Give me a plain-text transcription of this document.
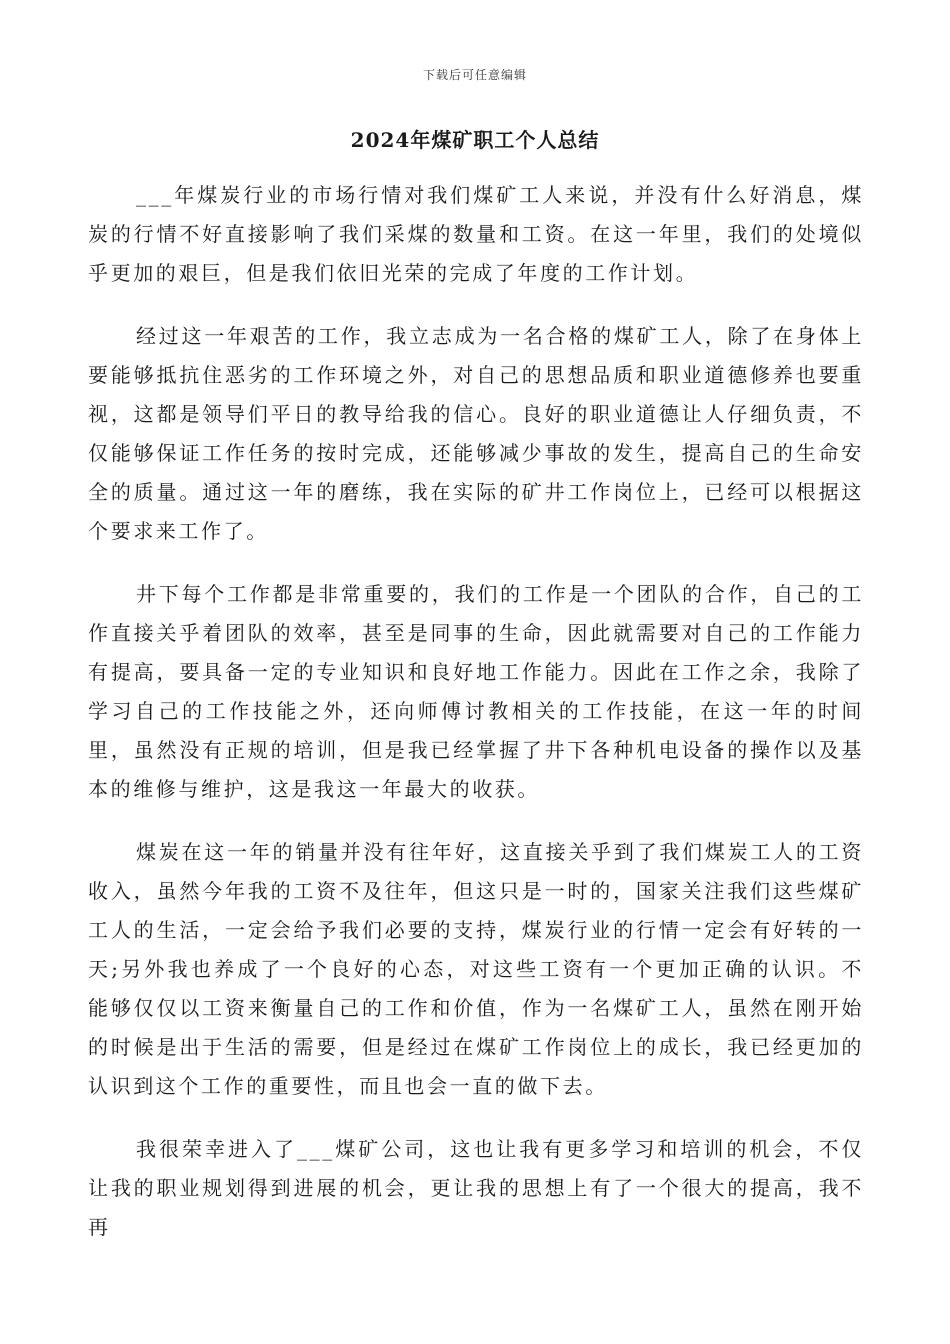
下载后可任意编辑
2024年煤矿职工个人总结

___年煤炭行业的市场行情对我们煤矿工人来说，并没有什么好消息，煤炭的行情不好直接影响了我们采煤的数量和工资。在这一年里，我们的处境似乎更加的艰巨，但是我们依旧光荣的完成了年度的工作计划。

经过这一年艰苦的工作，我立志成为一名合格的煤矿工人，除了在身体上要能够抵抗住恶劣的工作环境之外，对自己的思想品质和职业道德修养也要重视，这都是领导们平日的教导给我的信心。良好的职业道德让人仔细负责，不仅能够保证工作任务的按时完成，还能够减少事故的发生，提高自己的生命安全的质量。通过这一年的磨练，我在实际的矿井工作岗位上，已经可以根据这个要求来工作了。

井下每个工作都是非常重要的，我们的工作是一个团队的合作，自己的工作直接关乎着团队的效率，甚至是同事的生命，因此就需要对自己的工作能力有提高，要具备一定的专业知识和良好地工作能力。因此在工作之余，我除了学习自己的工作技能之外，还向师傅讨教相关的工作技能，在这一年的时间里，虽然没有正规的培训，但是我已经掌握了井下各种机电设备的操作以及基本的维修与维护，这是我这一年最大的收获。

煤炭在这一年的销量并没有往年好，这直接关乎到了我们煤炭工人的工资收入，虽然今年我的工资不及往年，但这只是一时的，国家关注我们这些煤矿工人的生活，一定会给予我们必要的支持，煤炭行业的行情一定会有好转的一天;另外我也养成了一个良好的心态，对这些工资有一个更加正确的认识。不能够仅仅以工资来衡量自己的工作和价值，作为一名煤矿工人，虽然在刚开始的时候是出于生活的需要，但是经过在煤矿工作岗位上的成长，我已经更加的认识到这个工作的重要性，而且也会一直的做下去。

我很荣幸进入了___煤矿公司，这也让我有更多学习和培训的机会，不仅让我的职业规划得到进展的机会，更让我的思想上有了一个很大的提高，我不再
